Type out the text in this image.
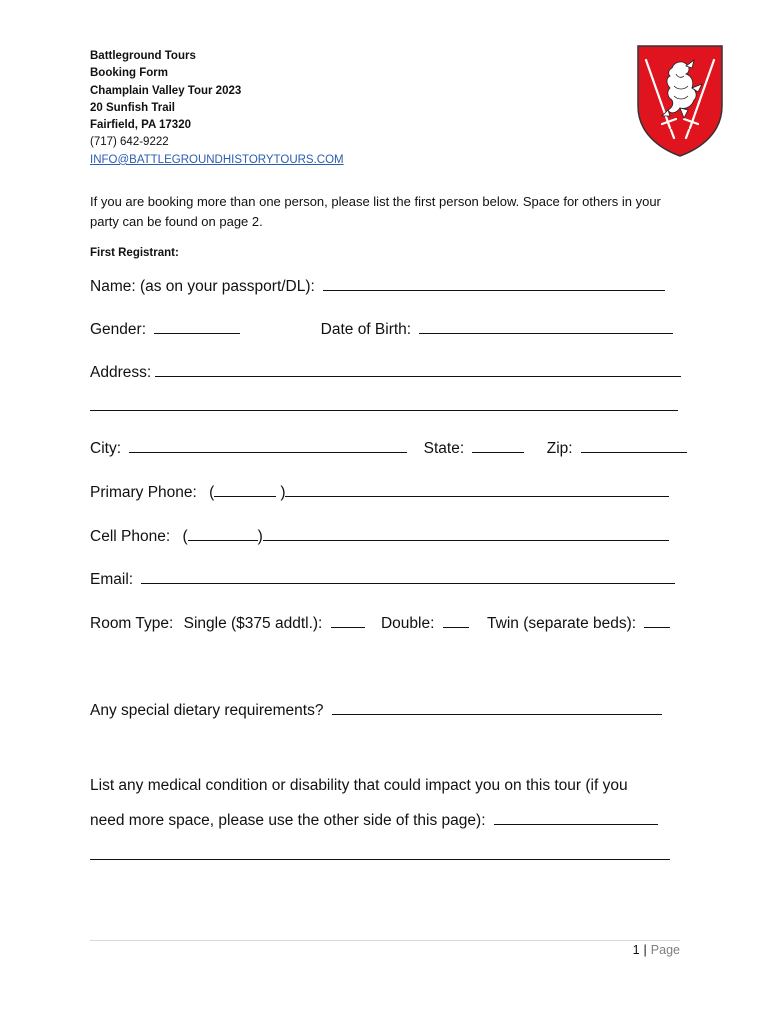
Battleground Tours
Booking Form
Champlain Valley Tour 2023
20 Sunfish Trail
Fairfield, PA 17320
(717) 642-9222
INFO@BATTLEGROUNDHISTORYTOURS.COM

If you are booking more than one person, please list the first person below. Space for others in your party can be found on page 2.

First Registrant:
Name: (as on your passport/DL):
Gender:	Date of Birth:
Address:
City:	State:	Zip:
Primary Phone: (	)
Cell Phone: (	)
Email:
Room Type: Single ($375 addtl.):	Double:	Twin (separate beds):
Any special dietary requirements?
List any medical condition or disability that could impact you on this tour (if you
need more space, please use the other side of this page):
1 | Page
